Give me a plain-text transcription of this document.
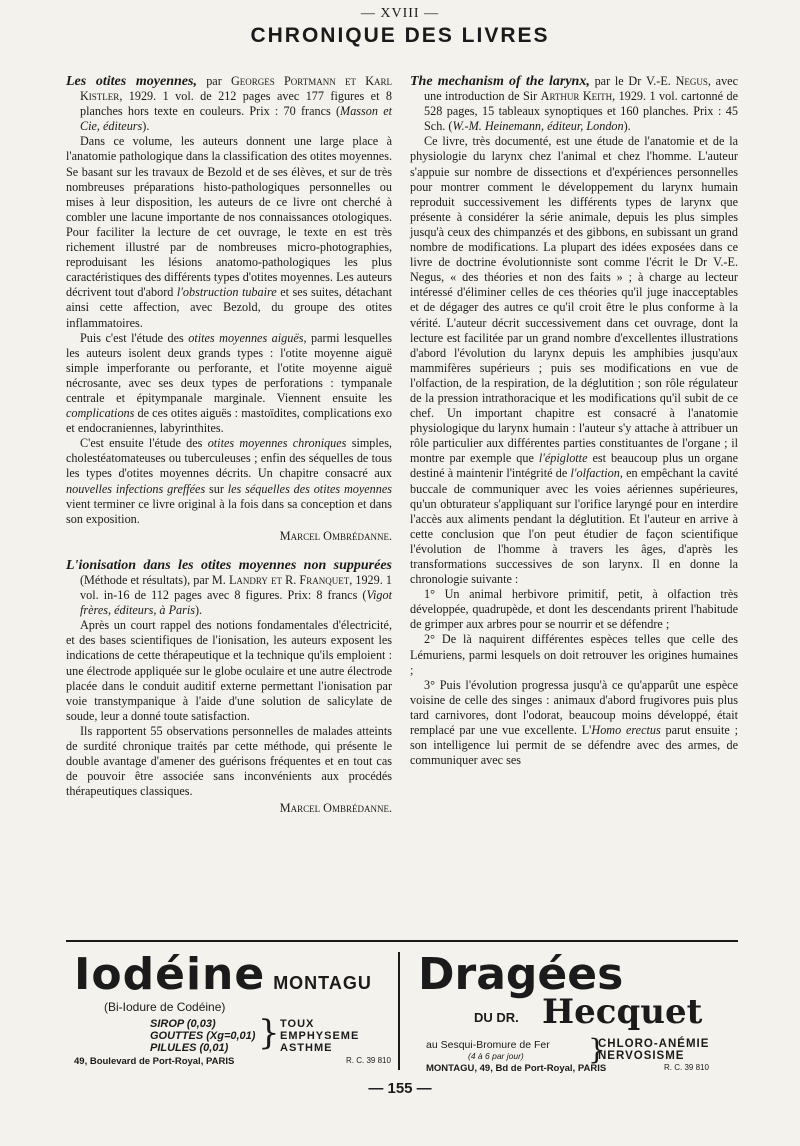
— XVIII —
CHRONIQUE DES LIVRES

Les otites moyennes, par Georges Portmann et Karl Kistler, 1929. 1 vol. de 212 pages avec 177 figures et 8 planches hors texte en couleurs. Prix : 70 francs (Masson et Cie, éditeurs).

Dans ce volume, les auteurs donnent une large place à l'anatomie pathologique dans la classification des otites moyennes. Se basant sur les travaux de Bezold et de ses élèves, et sur de très nombreuses préparations histo-pathologiques personnelles ou mises à leur disposition, les auteurs de ce livre ont cherché à combler une lacune importante de nos connaissances otologiques. Pour faciliter la lecture de cet ouvrage, le texte en est très richement illustré par de nombreuses micro-photographies, reproduisant les lésions anatomo-pathologiques les plus caractéristiques des différents types d'otites moyennes. Les auteurs décrivent tout d'abord l'obstruction tubaire et ses suites, détachant ainsi cette affection, avec Bezold, du groupe des otites inflammatoires.

Puis c'est l'étude des otites moyennes aiguës, parmi lesquelles les auteurs isolent deux grands types : l'otite moyenne aiguë simple imperforante ou perforante, et l'otite moyenne aiguë nécrosante, avec ses deux types de perforations : tympanale centrale et épitympanale marginale. Viennent ensuite les complications de ces otites aiguës : mastoïdites, complications exo et endocraniennes, labyrinthites.

C'est ensuite l'étude des otites moyennes chroniques simples, cholestéatomateuses ou tuberculeuses ; enfin des séquelles de tous les types d'otites moyennes décrits. Un chapitre consacré aux nouvelles infections greffées sur les séquelles des otites moyennes vient terminer ce livre original à la fois dans sa conception et dans son exposition.

Marcel Ombrédanne.

L'ionisation dans les otites moyennes non suppurées (Méthode et résultats), par M. Landry et R. Franquet, 1929. 1 vol. in-16 de 112 pages avec 8 figures. Prix: 8 francs (Vigot frères, éditeurs, à Paris).

Après un court rappel des notions fondamentales d'électricité, et des bases scientifiques de l'ionisation, les auteurs exposent les indications de cette thérapeutique et la technique qu'ils emploient : une électrode appliquée sur le globe oculaire et une autre électrode placée dans le conduit auditif externe permettant l'ionisation par voie transtympanique à l'aide d'une solution de salicylate de soude, leur a donné toute satisfaction.

Ils rapportent 55 observations personnelles de malades atteints de surdité chronique traités par cette méthode, qui présente le double avantage d'amener des guérisons fréquentes et en tout cas de pouvoir être associée sans inconvénients aux procédés thérapeutiques classiques.

Marcel Ombrédanne.

The mechanism of the larynx, par le Dr V.-E. Negus, avec une introduction de Sir Arthur Keith, 1929. 1 vol. cartonné de 528 pages, 15 tableaux synoptiques et 160 planches. Prix : 45 Sch. (W.-M. Heinemann, éditeur, London).

Ce livre, très documenté, est une étude de l'anatomie et de la physiologie du larynx chez l'animal et chez l'homme. L'auteur s'appuie sur nombre de dissections et d'expériences personnelles pour montrer comment le développement du larynx humain reproduit successivement les différents types de larynx que présente à considérer la série animale, depuis les plus simples jusqu'à ceux des chimpanzés et des gibbons, en subissant un grand nombre de modifications. La plupart des idées exposées dans ce livre de doctrine évolutionniste sont comme l'écrit le Dr V.-E. Negus, « des théories et non des faits » ; à charge au lecteur intéressé d'éliminer celles de ces théories qu'il juge inacceptables et de dégager des autres ce qu'il croit être le plus conforme à la vérité. L'auteur décrit successivement dans cet ouvrage, dont la lecture est facilitée par un grand nombre d'excellentes illustrations d'abord l'évolution du larynx depuis les amphibies jusqu'aux mammifères supérieurs ; puis ses modifications en vue de l'olfaction, de la respiration, de la déglutition ; son rôle régulateur de la pression intrathoracique et les modifications qu'il subit de ce chef. Un important chapitre est consacré à l'anatomie physiologique du larynx humain : l'auteur s'y attache à attribuer un rôle particulier aux différentes parties constituantes de l'organe ; il montre par exemple que l'épiglotte est beaucoup plus un organe destiné à maintenir l'intégrité de l'olfaction, en empêchant la cavité buccale de communiquer avec les voies aériennes supérieures, qu'un obturateur s'appliquant sur l'orifice laryngé pour en interdire l'accès aux aliments pendant la déglutition. Et l'auteur en arrive à cette conclusion que l'on peut étudier de façon scientifique l'évolution de l'homme à travers les âges, d'après les transformations successives de son larynx. Il en donne la chronologie suivante :

1° Un animal herbivore primitif, petit, à olfaction très développée, quadrupède, et dont les descendants prirent l'habitude de grimper aux arbres pour se nourrir et se défendre ;

2° De là naquirent différentes espèces telles que celle des Lémuriens, parmi lesquels on doit retrouver les origines humaines ;

3° Puis l'évolution progressa jusqu'à ce qu'apparût une espèce voisine de celle des singes : animaux d'abord frugivores puis plus tard carnivores, dont l'odorat, beaucoup moins développé, était remplacé par une vue excellente. L'Homo erectus parut ensuite ; son intelligence lui permit de se défendre avec des armes, de communiquer avec ses

Iodéine MONTAGU
(Bi-Iodure de Codéine)
SIROP (0,03)
GOUTTES (Xg=0,01)
PILULES (0,01) } TOUX
EMPHYSEME
ASTHME
49, Boulevard de Port-Royal, PARIS	R. C. 39 810
Dragées
DU DR. Hecquet
au Sesqui-Bromure de Fer
(4 à 6 par jour) }
CHLORO-ANÉMIE
NERVOSISME
MONTAGU, 49, Bd de Port-Royal, PARIS	R. C. 39 810
— 155 —
